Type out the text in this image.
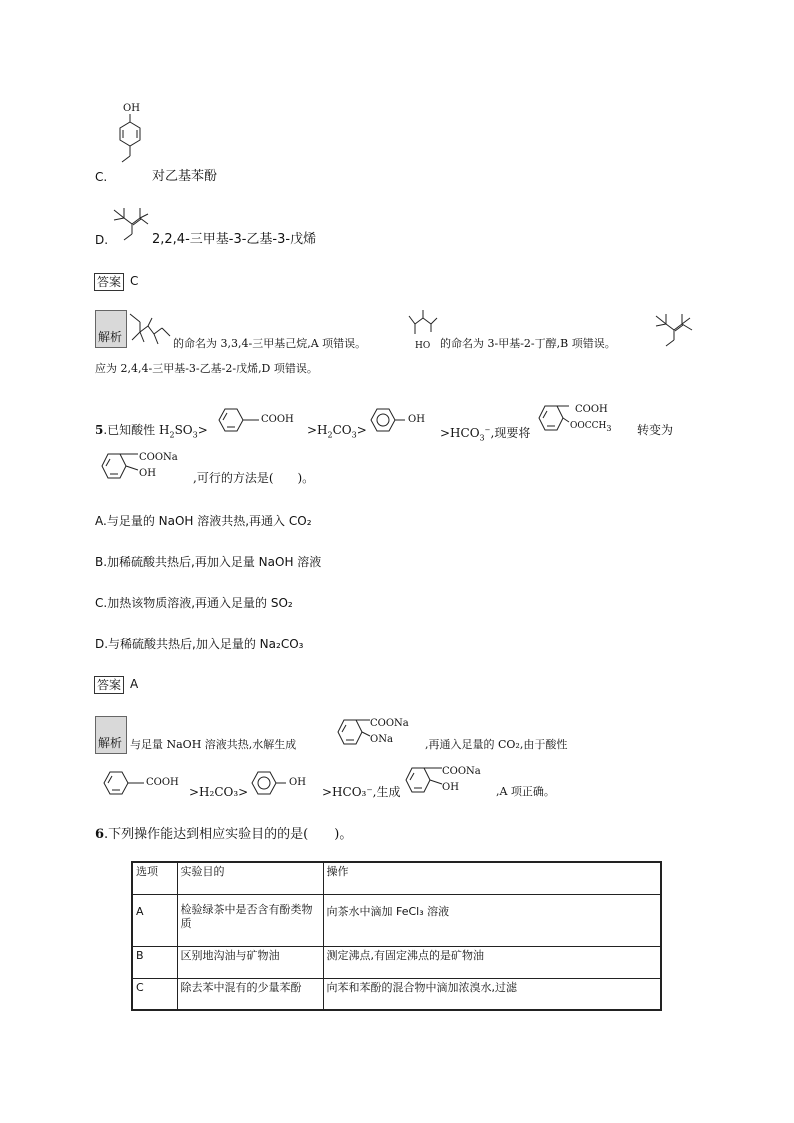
OH
C.	对乙基苯酚
D.	2,2,4-三甲基-3-乙基-3-戊烯
答案 C
解析	的命名为 3,3,4-三甲基己烷,A 项错误。	HO 的命名为 3-甲基-2-丁醇,B 项错误。
应为 2,4,4-三甲基-3-乙基-2-戊烯,D 项错误。
5.已知酸性 $H_2SO_3>$
COOH
$>H_2CO_3>$
OH
$>HCO_3^-$,现要将
COOH
$OOCCH_3$ 转变为
COONa
OH	,可行的方法是(　　)。
A.与足量的 NaOH 溶液共热,再通入 CO₂
B.加稀硫酸共热后,再加入足量 NaOH 溶液
C.加热该物质溶液,再通入足量的 SO₂
D.与稀硫酸共热后,加入足量的 Na₂CO₃
答案 A
解析 与足量 NaOH 溶液共热,水解生成
COONa
ONa	,再通入足量的 CO₂,由于酸性
COOH
>H₂CO₃>
OH
>HCO₃⁻,生成
COONa
OH	,A 项正确。
6.下列操作能达到相应实验目的的是(　　)。
选项	实验目的	操作
A	检验绿茶中是否含有酚类物质	向茶水中滴加 FeCl₃ 溶液
B	区别地沟油与矿物油	测定沸点,有固定沸点的是矿物油
C	除去苯中混有的少量苯酚	向苯和苯酚的混合物中滴加浓溴水,过滤
